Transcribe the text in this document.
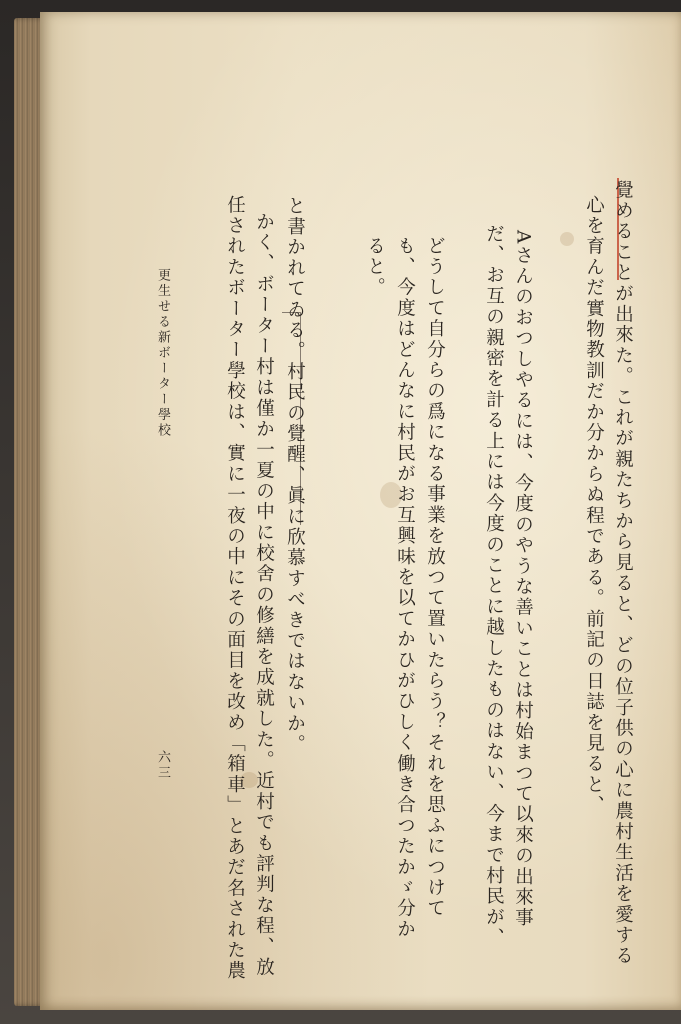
覺めることが出來た。これが親たちから見ると、どの位子供の心に農村生活を愛する
心を育んだ實物教訓だか分からぬ程である。前記の日誌を見ると、
Aさんのおつしやるには、今度のやうな善いことは村始まつて以來の出來事
だ、お互の親密を計る上には今度のことに越したものはない、今まで村民が、
どうして自分らの爲になる事業を放つて置いたらう？それを思ふにつけて
も、今度はどんなに村民がお互興味を以てかひがひしく働き合つたかゞ分か
ると。
と書かれてゐる。村民の覺醒、眞に欣慕すべきではないか。
かく、ボーター村は僅か一夏の中に校舍の修繕を成就した。近村でも評判な程、放
任されたボーター學校は、實に一夜の中にその面目を改め「箱車」とあだ名された農
更生せる新ボーター學校
六三
